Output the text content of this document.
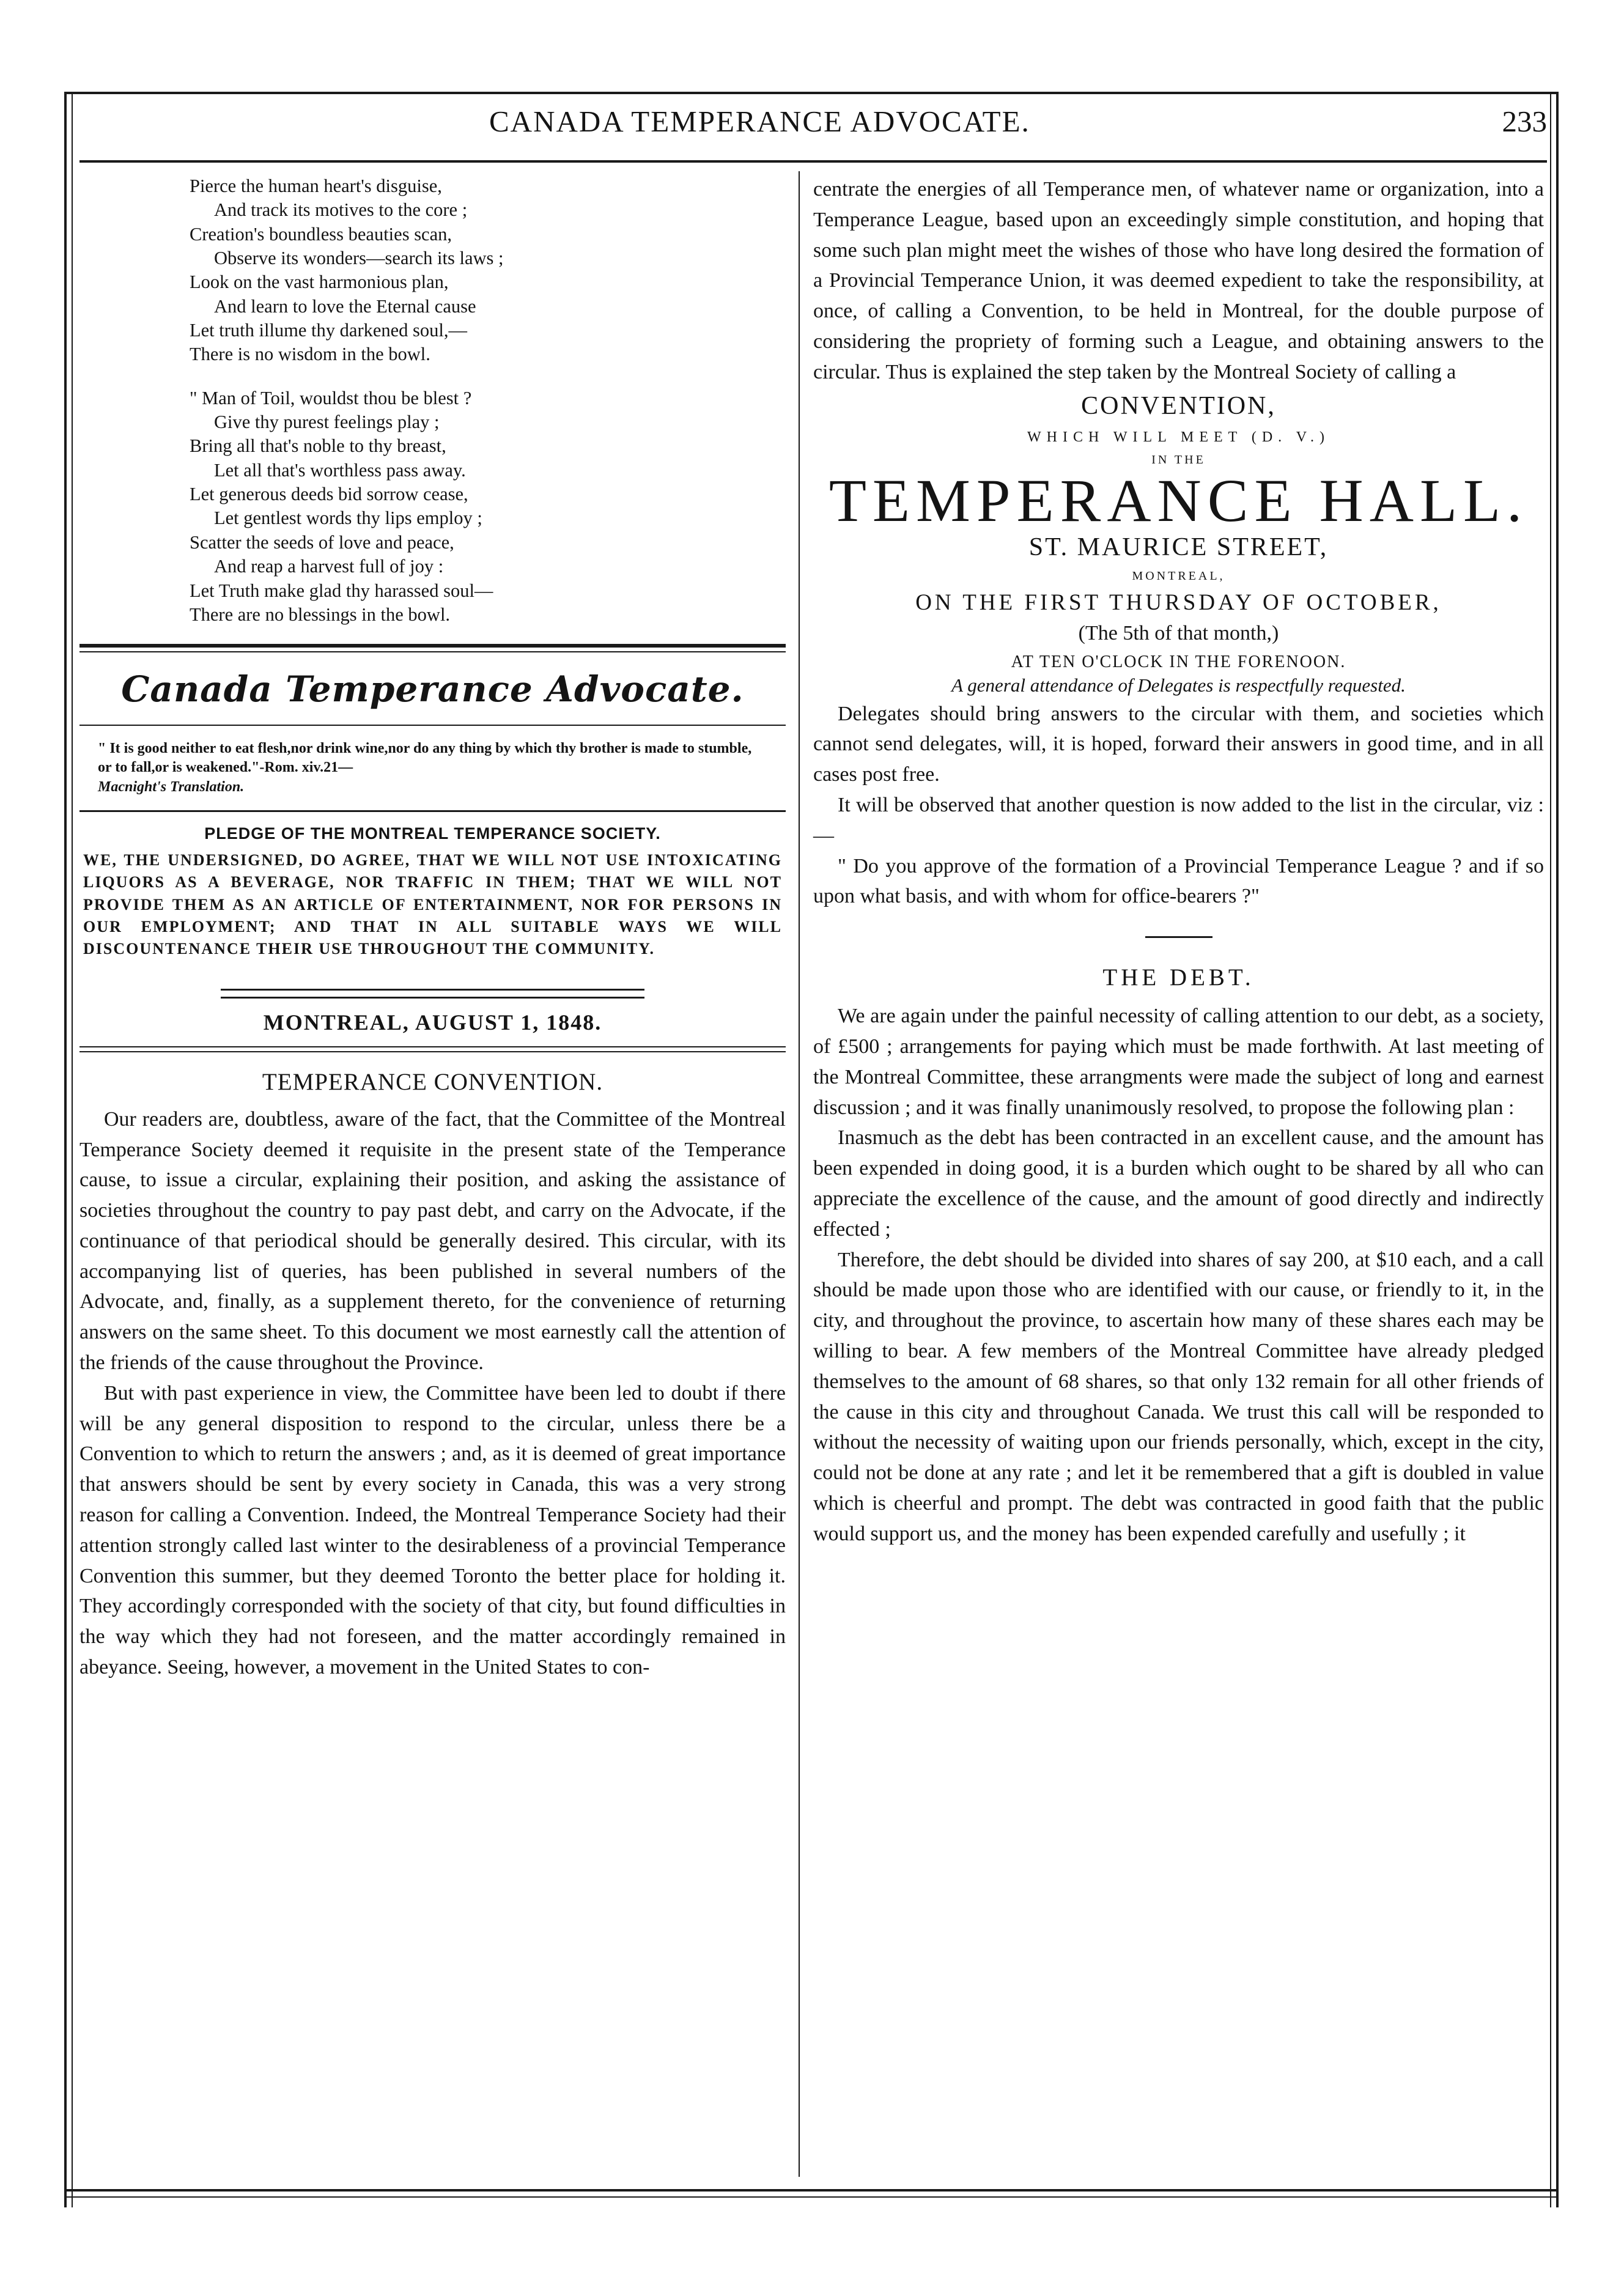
CANADA TEMPERANCE ADVOCATE.	233

Pierce the human heart's disguise,

And track its motives to the core ;

Creation's boundless beauties scan,

Observe its wonders—search its laws ;

Look on the vast harmonious plan,

And learn to love the Eternal cause

Let truth illume thy darkened soul,—

There is no wisdom in the bowl.

" Man of Toil, wouldst thou be blest ?

Give thy purest feelings play ;

Bring all that's noble to thy breast,

Let all that's worthless pass away.

Let generous deeds bid sorrow cease,

Let gentlest words thy lips employ ;

Scatter the seeds of love and peace,

And reap a harvest full of joy :

Let Truth make glad thy harassed soul—

There are no blessings in the bowl.

Canada Temperance Advocate.
" It is good neither to eat flesh,nor drink wine,nor do any thing by which thy brother is made to stumble, or to fall,or is weakened."-Rom. xiv.21—
Macnight's Translation.
PLEDGE OF THE MONTREAL TEMPERANCE SOCIETY.
WE, THE UNDERSIGNED, DO AGREE, THAT WE WILL NOT USE INTOXICATING LIQUORS AS A BEVERAGE, NOR TRAFFIC IN THEM; THAT WE WILL NOT PROVIDE THEM AS AN ARTICLE OF ENTERTAINMENT, NOR FOR PERSONS IN OUR EMPLOYMENT; AND THAT IN ALL SUITABLE WAYS WE WILL DISCOUNTENANCE THEIR USE THROUGHOUT THE COMMUNITY.
MONTREAL, AUGUST 1, 1848.
TEMPERANCE CONVENTION.

Our readers are, doubtless, aware of the fact, that the Committee of the Montreal Temperance Society deemed it requisite in the present state of the Temperance cause, to issue a circular, explaining their position, and asking the assistance of societies throughout the country to pay past debt, and carry on the Advocate, if the continuance of that periodical should be generally desired. This circular, with its accompanying list of queries, has been published in several numbers of the Advocate, and, finally, as a supplement thereto, for the convenience of returning answers on the same sheet. To this document we most earnestly call the attention of the friends of the cause throughout the Province.

But with past experience in view, the Committee have been led to doubt if there will be any general disposition to respond to the circular, unless there be a Convention to which to return the answers ; and, as it is deemed of great importance that answers should be sent by every society in Canada, this was a very strong reason for calling a Convention. Indeed, the Montreal Temperance Society had their attention strongly called last winter to the desirableness of a provincial Temperance Convention this summer, but they deemed Toronto the better place for holding it. They accordingly corresponded with the society of that city, but found difficulties in the way which they had not foreseen, and the matter accordingly remained in abeyance. Seeing, however, a movement in the United States to con-

centrate the energies of all Temperance men, of whatever name or organization, into a Temperance League, based upon an exceedingly simple constitution, and hoping that some such plan might meet the wishes of those who have long desired the formation of a Provincial Temperance Union, it was deemed expedient to take the responsibility, at once, of calling a Convention, to be held in Montreal, for the double purpose of considering the propriety of forming such a League, and obtaining answers to the circular. Thus is explained the step taken by the Montreal Society of calling a

CONVENTION,
WHICH WILL MEET (D. V.)
IN THE
TEMPERANCE HALL.
ST. MAURICE STREET,
MONTREAL,
ON THE FIRST THURSDAY OF OCTOBER,
(The 5th of that month,)
AT TEN O'CLOCK IN THE FORENOON.
A general attendance of Delegates is respectfully requested.

Delegates should bring answers to the circular with them, and societies which cannot send delegates, will, it is hoped, forward their answers in good time, and in all cases post free.

It will be observed that another question is now added to the list in the circular, viz :—

" Do you approve of the formation of a Provincial Temperance League ? and if so upon what basis, and with whom for office-bearers ?"

THE DEBT.

We are again under the painful necessity of calling attention to our debt, as a society, of £500 ; arrangements for paying which must be made forthwith. At last meeting of the Montreal Committee, these arrangments were made the subject of long and earnest discussion ; and it was finally unanimously resolved, to propose the following plan :

Inasmuch as the debt has been contracted in an excellent cause, and the amount has been expended in doing good, it is a burden which ought to be shared by all who can appreciate the excellence of the cause, and the amount of good directly and indirectly effected ;

Therefore, the debt should be divided into shares of say 200, at $10 each, and a call should be made upon those who are identified with our cause, or friendly to it, in the city, and throughout the province, to ascertain how many of these shares each may be willing to bear. A few members of the Montreal Committee have already pledged themselves to the amount of 68 shares, so that only 132 remain for all other friends of the cause in this city and throughout Canada. We trust this call will be responded to without the necessity of waiting upon our friends personally, which, except in the city, could not be done at any rate ; and let it be remembered that a gift is doubled in value which is cheerful and prompt. The debt was contracted in good faith that the public would support us, and the money has been expended carefully and usefully ; it
